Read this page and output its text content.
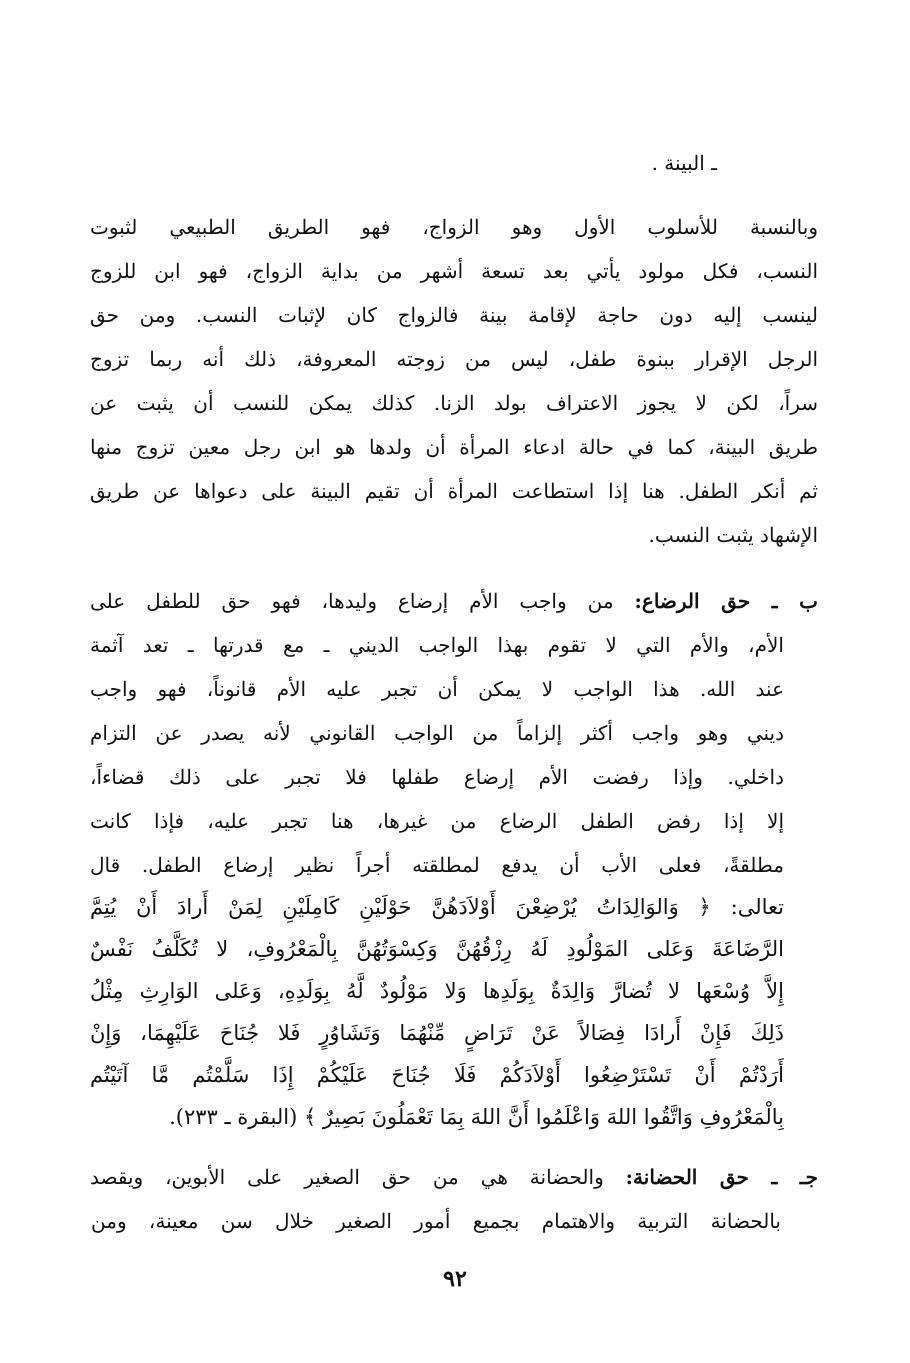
ـ البينة .

وبالنسبة للأسلوب الأول وهو الزواج، فهو الطريق الطبيعي لثبوت

النسب، فكل مولود يأتي بعد تسعة أشهر من بداية الزواج، فهو ابن للزوج

لينسب إليه دون حاجة لإقامة بينة فالزواج كان لإثبات النسب. ومن حق

الرجل الإقرار ببنوة طفل، ليس من زوجته المعروفة، ذلك أنه ربما تزوج

سراً، لكن لا يجوز الاعتراف بولد الزنا. كذلك يمكن للنسب أن يثبت عن

طريق البينة، كما في حالة ادعاء المرأة أن ولدها هو ابن رجل معين تزوج منها

ثم أنكر الطفل. هنا إذا استطاعت المرأة أن تقيم البينة على دعواها عن طريق

الإشهاد يثبت النسب.

ب ـ حق الرضاع: من واجب الأم إرضاع وليدها، فهو حق للطفل على

الأم، والأم التي لا تقوم بهذا الواجب الديني ـ مع قدرتها ـ تعد آثمة

عند الله. هذا الواجب لا يمكن أن تجبر عليه الأم قانوناً، فهو واجب

ديني وهو واجب أكثر إلزاماً من الواجب القانوني لأنه يصدر عن التزام

داخلي. وإذا رفضت الأم إرضاع طفلها فلا تجبر على ذلك قضاءاً،

إلا إذا رفض الطفل الرضاع من غيرها، هنا تجبر عليه، فإذا كانت

مطلقةً، فعلى الأب أن يدفع لمطلقته أجراً نظير إرضاع الطفل. قال

تعالى: ﴿ وَالوَالِدَاتُ يُرْضِعْنَ أَوْلاَدَهُنَّ حَوْلَيْنِ كَامِلَيْنِ لِمَنْ أَرادَ أَنْ يُتِمَّ

الرَّضَاعَةَ وَعَلى المَوْلُودِ لَهُ رِزْقُهُنَّ وَكِسْوَتُهُنَّ بِالْمَعْرُوفِ، لا تُكَلَّفُ نَفْسٌ

إِلاَّ وُسْعَها لا تُضارَّ وَالِدَةٌ بِوَلَدِها وَلا مَوْلُودٌ لَّهُ بِوَلَدِهِ، وَعَلى الوَارِثِ مِثْلُ

ذَلِكَ فَإِنْ أَرادَا فِصَالاً عَنْ تَرَاضٍ مِّنْهُمَا وَتَشَاوُرٍ فَلا جُنَاحَ عَلَيْهِمَا، وَإِنْ

أَرَدْتُمْ أَنْ تَسْتَرْضِعُوا أَوْلاَدَكُمْ فَلَا جُنَاحَ عَلَيْكُمْ إِذَا سَلَّمْتُم مَّا آتَيْتُم

بِالْمَعْرُوفِ وَاتَّقُوا اللهَ وَاعْلَمُوا أَنَّ اللهَ بِمَا تَعْمَلُونَ بَصِيرٌ ﴾ (البقرة ـ ٢٣٣).

جـ ـ حق الحضانة: والحضانة هي من حق الصغير على الأبوين، ويقصد

بالحضانة التربية والاهتمام بجميع أمور الصغير خلال سن معينة، ومن

٩٢
